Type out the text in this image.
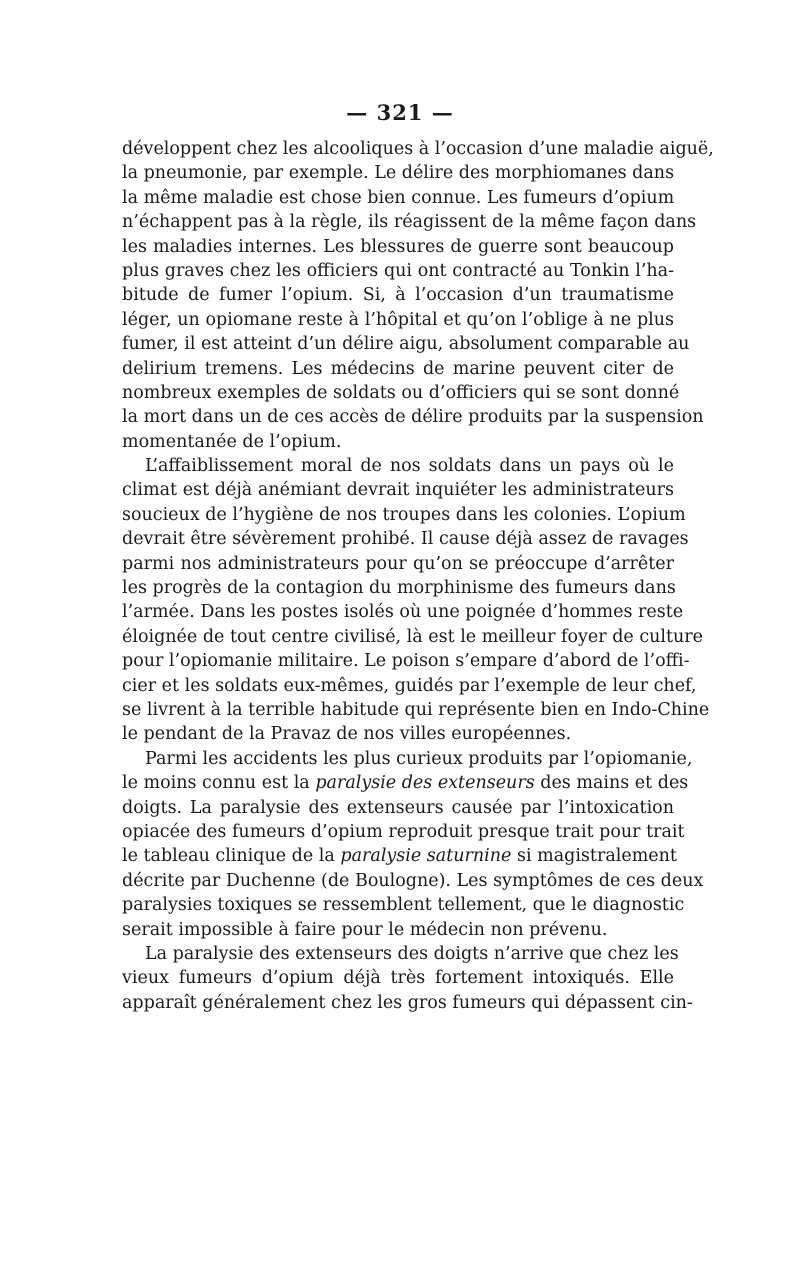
— 321 —
développent chez les alcooliques à l’occasion d’une maladie aiguë,
la pneumonie, par exemple. Le délire des morphiomanes dans
la même maladie est chose bien connue. Les fumeurs d’opium
n’échappent pas à la règle, ils réagissent de la même façon dans
les maladies internes. Les blessures de guerre sont beaucoup
plus graves chez les officiers qui ont contracté au Tonkin l’ha-
bitude de fumer l’opium. Si, à l’occasion d’un traumatisme
léger, un opiomane reste à l’hôpital et qu’on l’oblige à ne plus
fumer, il est atteint d’un délire aigu, absolument comparable au
delirium tremens. Les médecins de marine peuvent citer de
nombreux exemples de soldats ou d’officiers qui se sont donné
la mort dans un de ces accès de délire produits par la suspension
momentanée de l’opium.
L’affaiblissement moral de nos soldats dans un pays où le
climat est déjà anémiant devrait inquiéter les administrateurs
soucieux de l’hygiène de nos troupes dans les colonies. L’opium
devrait être sévèrement prohibé. Il cause déjà assez de ravages
parmi nos administrateurs pour qu’on se préoccupe d’arrêter
les progrès de la contagion du morphinisme des fumeurs dans
l’armée. Dans les postes isolés où une poignée d’hommes reste
éloignée de tout centre civilisé, là est le meilleur foyer de culture
pour l’opiomanie militaire. Le poison s’empare d’abord de l’offi-
cier et les soldats eux-mêmes, guidés par l’exemple de leur chef,
se livrent à la terrible habitude qui représente bien en Indo-Chine
le pendant de la Pravaz de nos villes européennes.
Parmi les accidents les plus curieux produits par l’opiomanie,
le moins connu est la paralysie des extenseurs des mains et des
doigts. La paralysie des extenseurs causée par l’intoxication
opiacée des fumeurs d’opium reproduit presque trait pour trait
le tableau clinique de la paralysie saturnine si magistralement
décrite par Duchenne (de Boulogne). Les symptômes de ces deux
paralysies toxiques se ressemblent tellement, que le diagnostic
serait impossible à faire pour le médecin non prévenu.
La paralysie des extenseurs des doigts n’arrive que chez les
vieux fumeurs d’opium déjà très fortement intoxiqués. Elle
apparaît généralement chez les gros fumeurs qui dépassent cin-
